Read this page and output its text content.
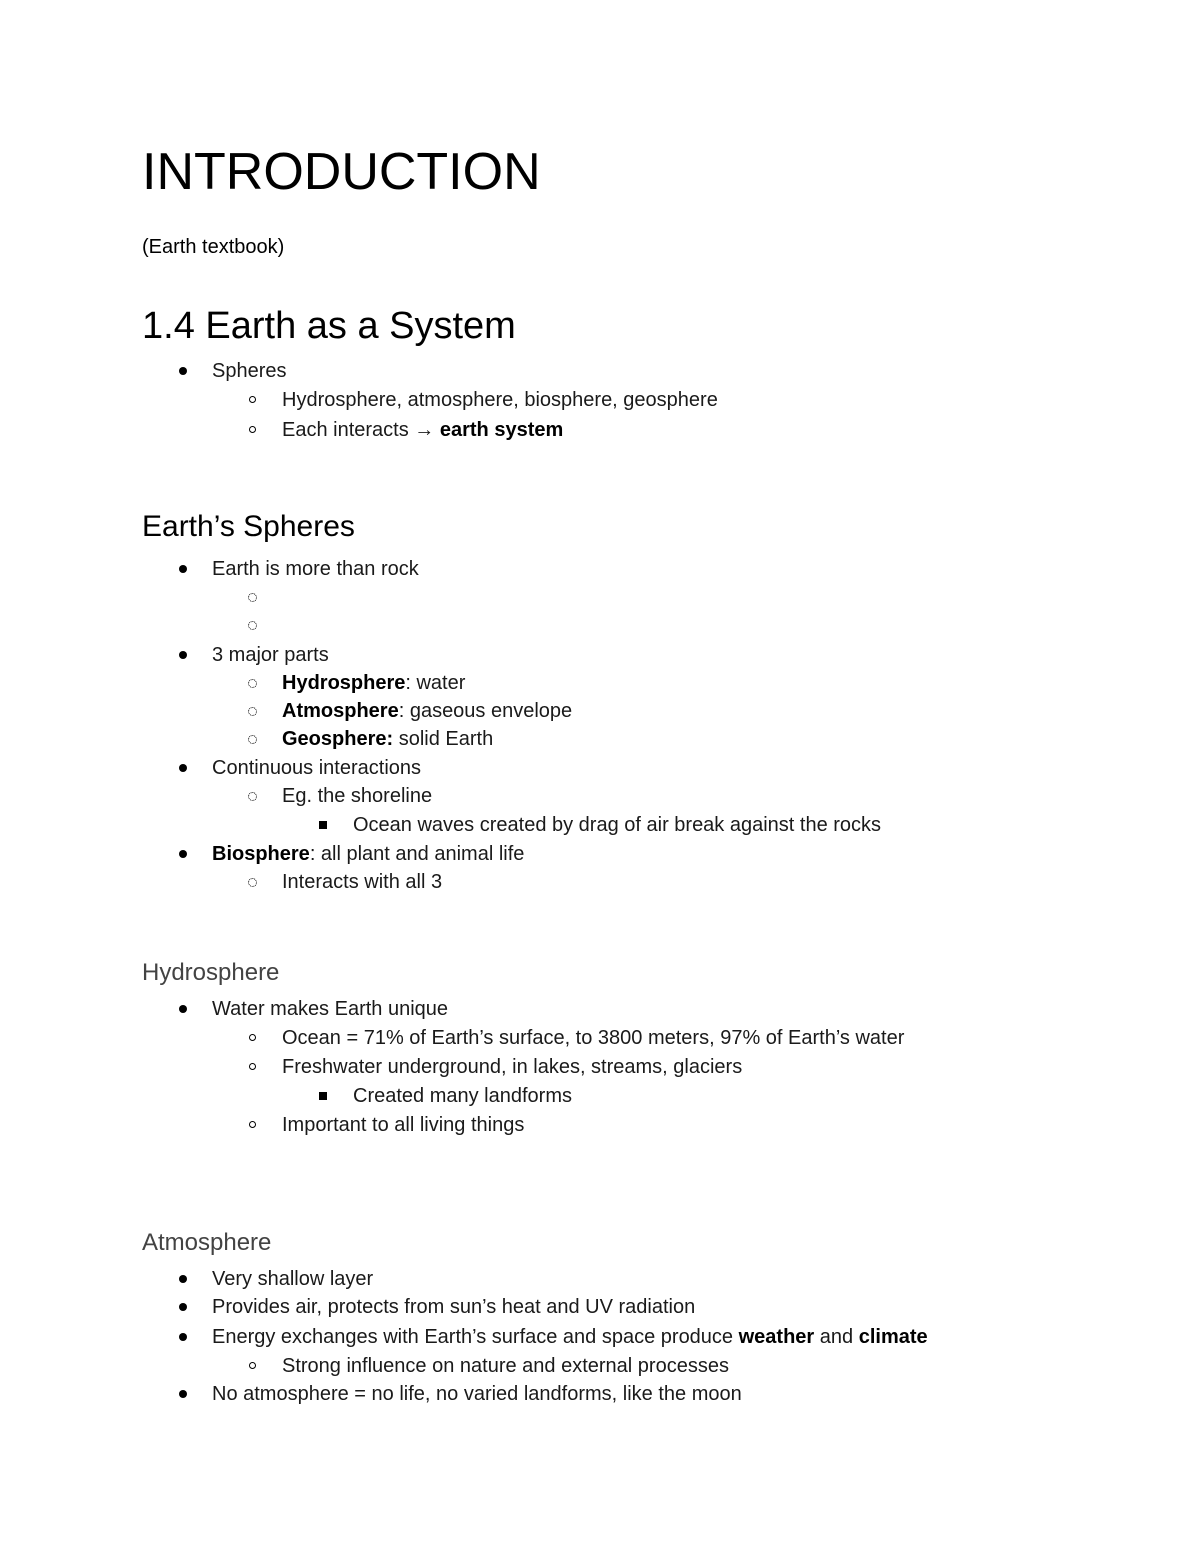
INTRODUCTION

(Earth textbook)

1.4 Earth as a System
Spheres
Hydrosphere, atmosphere, biosphere, geosphere
Each interacts → earth system
Earth’s Spheres
Earth is more than rock
3 major parts
Hydrosphere: water
Atmosphere: gaseous envelope
Geosphere: solid Earth
Continuous interactions
Eg. the shoreline
Ocean waves created by drag of air break against the rocks
Biosphere: all plant and animal life
Interacts with all 3
Hydrosphere
Water makes Earth unique
Ocean = 71% of Earth’s surface, to 3800 meters, 97% of Earth’s water
Freshwater underground, in lakes, streams, glaciers
Created many landforms
Important to all living things
Atmosphere
Very shallow layer
Provides air, protects from sun’s heat and UV radiation
Energy exchanges with Earth’s surface and space produce weather and climate
Strong influence on nature and external processes
No atmosphere = no life, no varied landforms, like the moon
